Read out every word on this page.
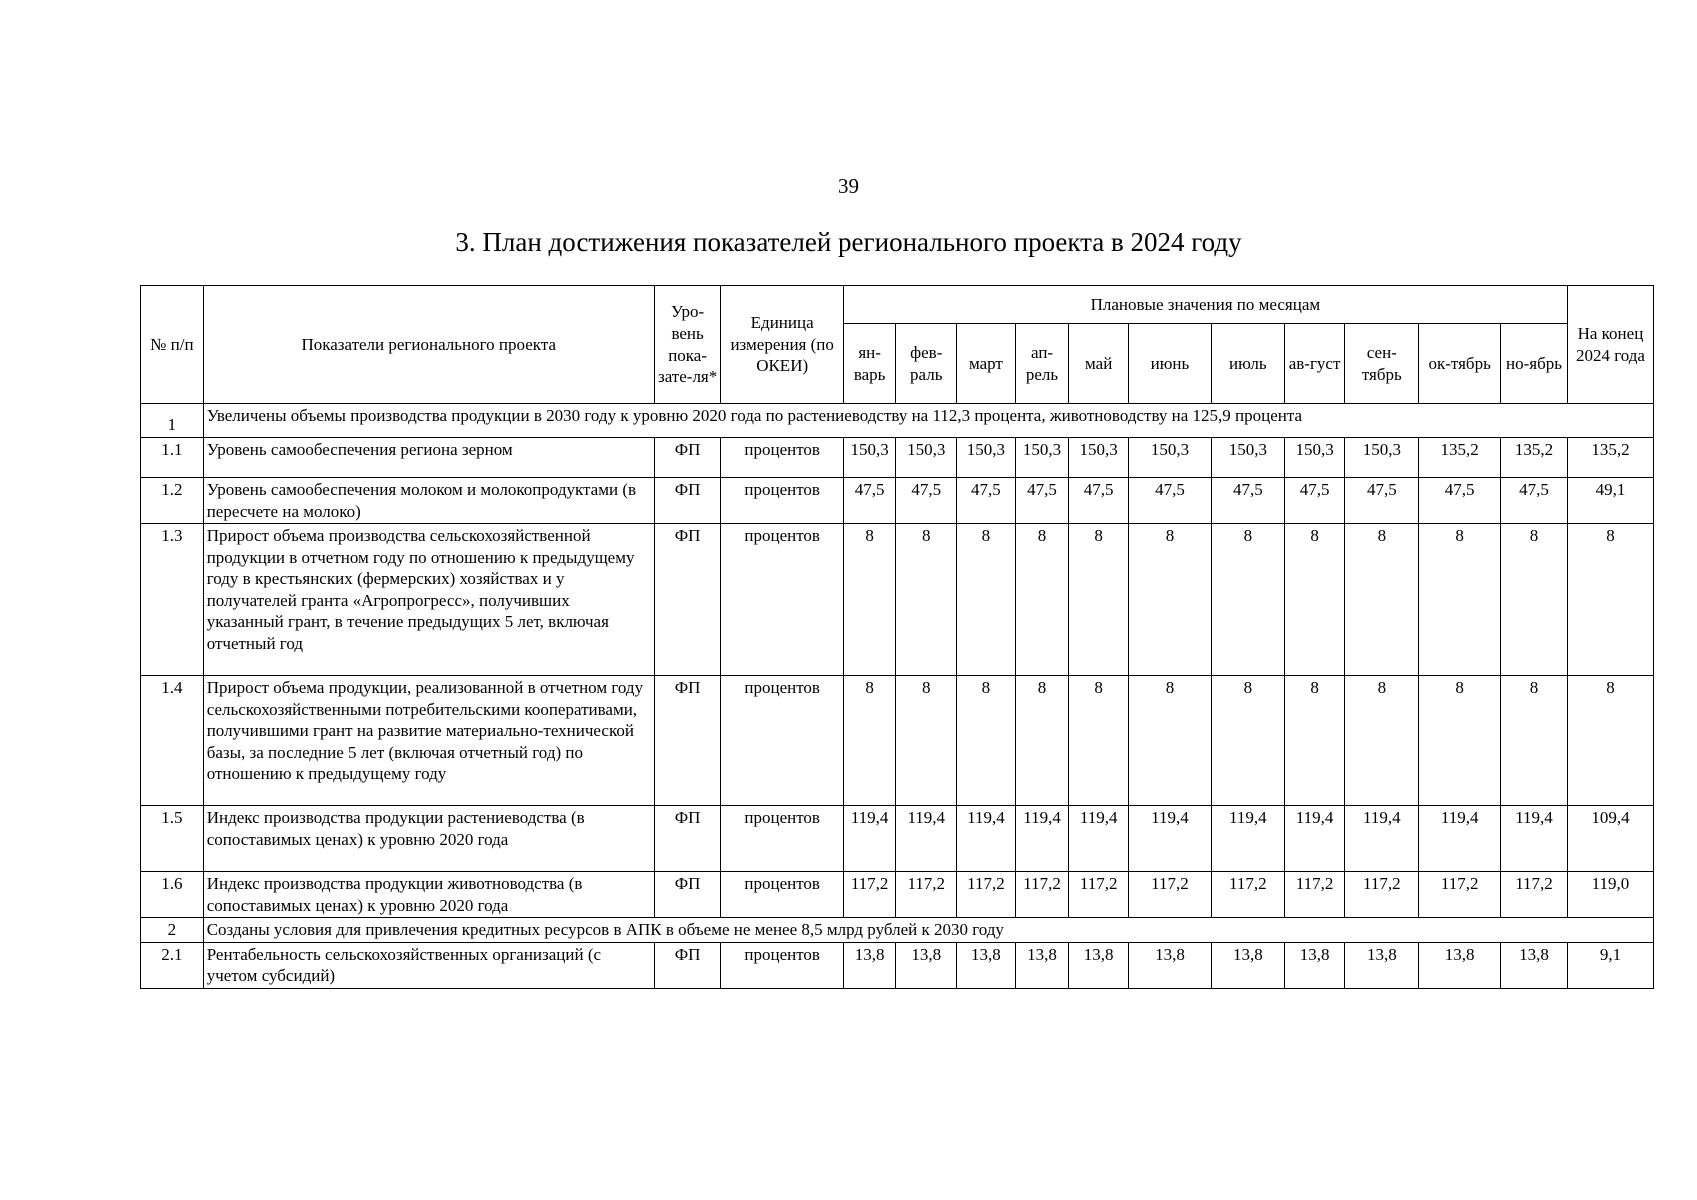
39
3. План достижения показателей регионального проекта в 2024 году
№ п/п	Показатели регионального проекта	Уро-вень пока-зате-ля*	Единица измерения (по ОКЕИ)	Плановые значения по месяцам											На конец 2024 года
				ян-варь	фев-раль	март	ап-рель	май	июнь	июль	ав-густ	сен-тябрь	ок-тябрь	но-ябрь	
1	Увеличены объемы производства продукции в 2030 году к уровню 2020 года по растениеводству на 112,3 процента, животноводству на 125,9 процента														
1.1	Уровень самообеспечения региона зерном	ФП	процентов	150,3	150,3	150,3	150,3	150,3	150,3	150,3	150,3	150,3	135,2	135,2	135,2
1.2	Уровень самообеспечения молоком и молокопродуктами (в пересчете на молоко)	ФП	процентов	47,5	47,5	47,5	47,5	47,5	47,5	47,5	47,5	47,5	47,5	47,5	49,1
1.3	Прирост объема производства сельскохозяйственной продукции в отчетном году по отношению к предыдущему году в крестьянских (фермерских) хозяйствах и у получателей гранта «Агропрогресс», получивших указанный грант, в течение предыдущих 5 лет, включая отчетный год	ФП	процентов	8	8	8	8	8	8	8	8	8	8	8	8
1.4	Прирост объема продукции, реализованной в отчетном году сельскохозяйственными потребительскими кооперативами, получившими грант на развитие материально-технической базы, за последние 5 лет (включая отчетный год) по отношению к предыдущему году	ФП	процентов	8	8	8	8	8	8	8	8	8	8	8	8
1.5	Индекс производства продукции растениеводства (в сопоставимых ценах) к уровню 2020 года	ФП	процентов	119,4	119,4	119,4	119,4	119,4	119,4	119,4	119,4	119,4	119,4	119,4	109,4
1.6	Индекс производства продукции животноводства (в сопоставимых ценах) к уровню 2020 года	ФП	процентов	117,2	117,2	117,2	117,2	117,2	117,2	117,2	117,2	117,2	117,2	117,2	119,0
2	Созданы условия для привлечения кредитных ресурсов в АПК в объеме не менее 8,5 млрд рублей к 2030 году														
2.1	Рентабельность сельскохозяйственных организаций (с учетом субсидий)	ФП	процентов	13,8	13,8	13,8	13,8	13,8	13,8	13,8	13,8	13,8	13,8	13,8	9,1
